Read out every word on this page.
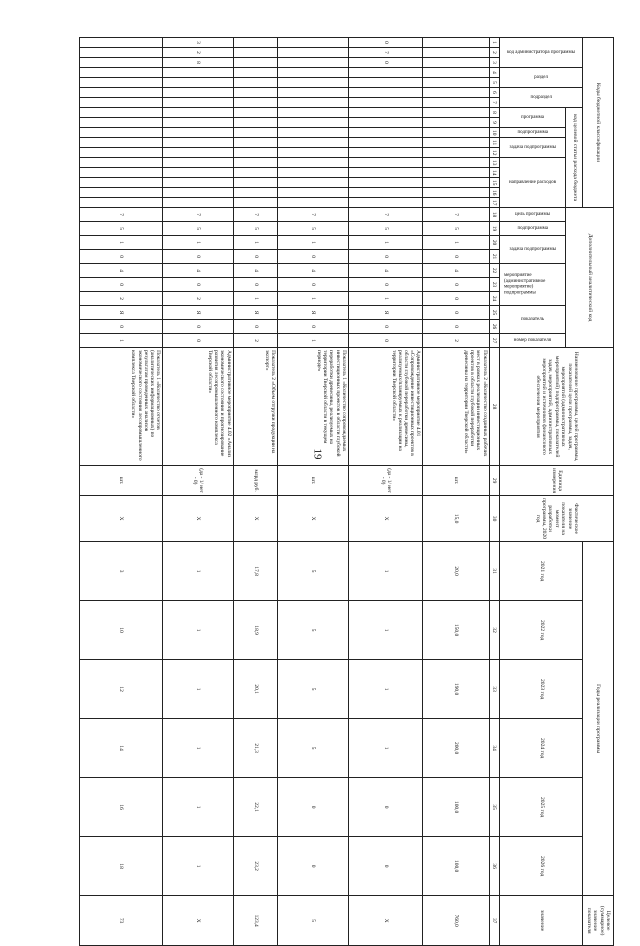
19
Коды бюджетной классификации																	Дополнительный аналитический код										Наименование программы, целей программы, показателей цели программы, задач, мероприятий (административных мероприятий) подпрограммы, показателей задач, мероприятий, административных мероприятий и источников финансового обеспечения мероприятия	Единица измерения	Фактическое значение показателя на момент разработки программы, 2020 год	Годы реализации программы						Целевое (суммарное) значение показателя

код администратора программы			раздел		подраздел		код целевой статьи расхода бюджета																							2021 год	2022 год	2023 год	2024 год	2025 год	2026 год	значение

							программа		подпрограмма	задача подпрограммы		направление расходов					цель программы	подпрограмма	задача подпрограммы		мероприятие (административное мероприятие) подпрограммы			показатель		номер показателя										

1	2	3	4	5	6	7	8	9	10	11	12	13	14	15	16	17	18	19	20	21	22	23	24	25	26	27	28	29	30	31	32	33	34	35	36	37
																	7	5	1	0	4	0	0	0	0	2	Показатель 2 «Количество созданных рабочих мест в рамках реализации инвестиционных проектов в области глубокой переработки древесины на территории Тверской области»	шт.	15,0	20,0	150,0	190,0	200,0	100,0	100,0	760,0
0	7	0															7	5	1	0	4	0	1	Я	0	0	Административное мероприятие 4.01 «Сопровождение инвестиционных проектов в области глубокой переработки древесины, реализуемых/планируемых к реализации на территории Тверской области»	(да - 1/ нет - 0)	Х	1	1	1	1	0	0	Х
																	7	5	1	0	4	0	1	Я	0	1	Показатель 1 «Количество сопровождаемых инвестиционных проектов в области глубокой переработки древесины, реализуемых на территории Тверской области в текущем периоде»	шт.	Х	5	5	5	5	0	0	5
																	7	5	1	0	4	0	1	Я	0	2	Показатель 2 «Объем отгрузки продукции на экспорт»	млрд руб.	Х	17,8	18,9	20,1	21,3	22,1	23,2	123,4
3	2	8															7	5	1	0	4	0	2	Я	0	0	Административное мероприятие 4.02 «Анализ экономического состояния и прогнозирование развития лесопромышленного комплекса Тверской области»	(да - 1/ нет - 0)	Х	1	1	1	1	1	1	Х
																	7	5	1	0	4	0	2	Я	0	1	Показатель 1 «Количество отчетов (аналитических информационных) по результатам проведенных анализов экономического состояния лесопромышленного комплекса Тверской области»	шт.	Х	3	10	12	14	16	18	73
